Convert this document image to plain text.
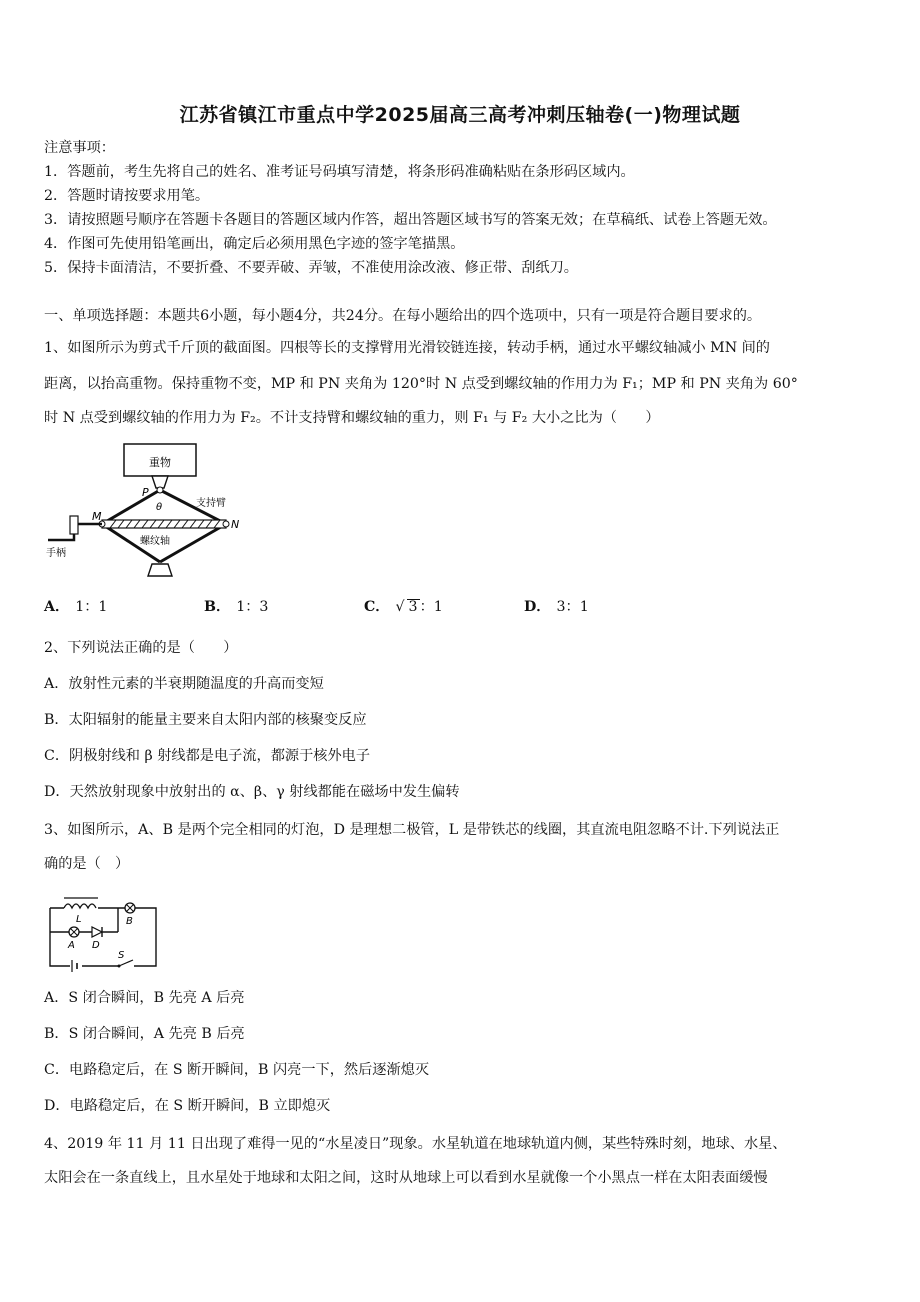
江苏省镇江市重点中学2025届高三高考冲刺压轴卷(一)物理试题
注意事项：
1．答题前，考生先将自己的姓名、准考证号码填写清楚，将条形码准确粘贴在条形码区域内。
2．答题时请按要求用笔。
3．请按照题号顺序在答题卡各题目的答题区域内作答，超出答题区域书写的答案无效；在草稿纸、试卷上答题无效。
4．作图可先使用铅笔画出，确定后必须用黑色字迹的签字笔描黑。
5．保持卡面清洁，不要折叠、不要弄破、弄皱，不准使用涂改液、修正带、刮纸刀。
一、单项选择题：本题共6小题，每小题4分，共24分。在每小题给出的四个选项中，只有一项是符合题目要求的。
1、如图所示为剪式千斤顶的截面图。四根等长的支撑臂用光滑铰链连接，转动手柄，通过水平螺纹轴减小 MN 间的
距离，以抬高重物。保持重物不变，MP 和 PN 夹角为 120°时 N 点受到螺纹轴的作用力为 F₁；MP 和 PN 夹角为 60°
时 N 点受到螺纹轴的作用力为 F₂。不计支持臂和螺纹轴的重力，则 F₁ 与 F₂ 大小之比为（　　）
重物
P
θ	支持臂
M
N
螺纹轴
手柄
A． 1：1	B． 1：3	C． √ 3 ：1	D． 3：1
2、下列说法正确的是（　　）
A．放射性元素的半衰期随温度的升高而变短
B．太阳辐射的能量主要来自太阳内部的核聚变反应
C．阴极射线和 β 射线都是电子流，都源于核外电子
D．天然放射现象中放射出的 α、β、γ 射线都能在磁场中发生偏转
3、如图所示，A、B 是两个完全相同的灯泡，D 是理想二极管，L 是带铁芯的线圈，其直流电阻忽略不计.下列说法正
确的是（　）
L	B
A D
S
A．S 闭合瞬间，B 先亮 A 后亮
B．S 闭合瞬间，A 先亮 B 后亮
C．电路稳定后，在 S 断开瞬间，B 闪亮一下，然后逐渐熄灭
D．电路稳定后，在 S 断开瞬间，B 立即熄灭
4、2019 年 11 月 11 日出现了难得一见的“水星凌日”现象。水星轨道在地球轨道内侧，某些特殊时刻，地球、水星、
太阳会在一条直线上，且水星处于地球和太阳之间，这时从地球上可以看到水星就像一个小黑点一样在太阳表面缓慢
